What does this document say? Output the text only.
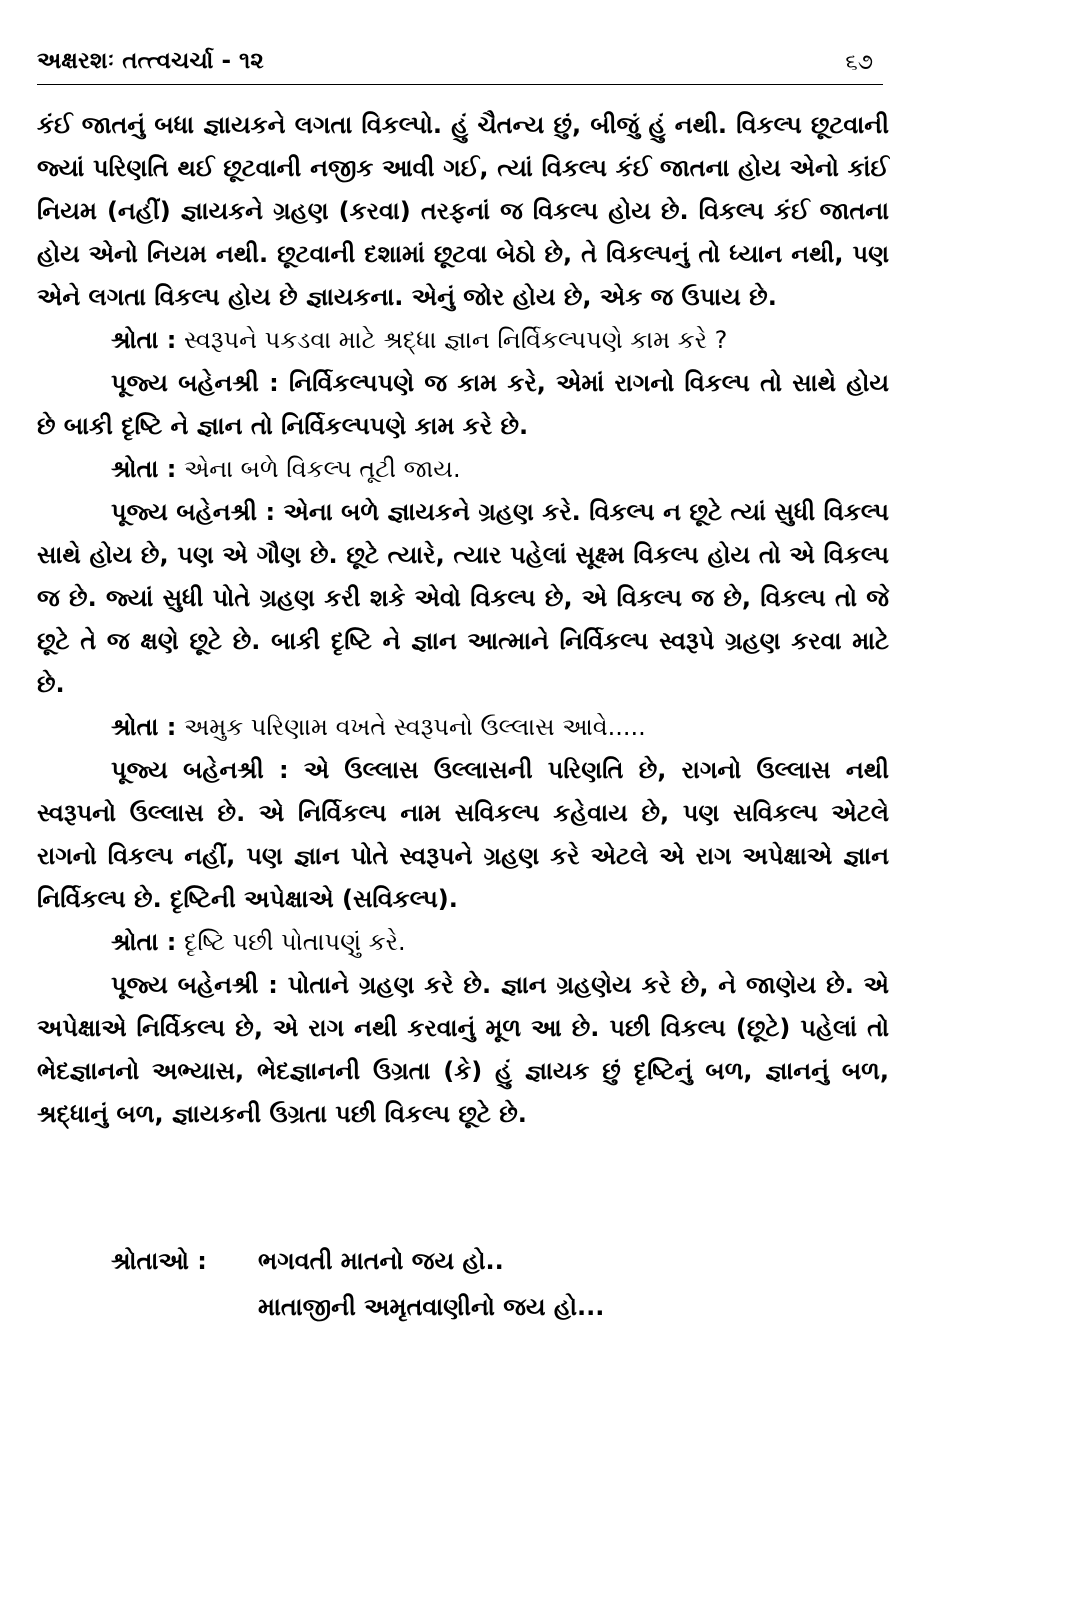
અક્ષરશઃ તત્ત્વચર્ચા - ૧૨	૬૭

કંઈ જાતનું બધા જ્ઞાયકને લગતા વિકલ્પો. હું ચૈતન્ય છું, બીજું હું નથી. વિકલ્પ છૂટવાની જ્યાં પરિણતિ થઈ છૂટવાની નજીક આવી ગઈ, ત્યાં વિકલ્પ કંઈ જાતના હોય એનો કાંઈ નિયમ (નહીં) જ્ઞાયકને ગ્રહણ (કરવા) તરફનાં જ વિકલ્પ હોય છે. વિકલ્પ કંઈ જાતના હોય એનો નિયમ નથી. છૂટવાની દશામાં છૂટવા બેઠો છે, તે વિકલ્પનું તો ધ્યાન નથી, પણ એને લગતા વિકલ્પ હોય છે જ્ઞાયકના. એનું જોર હોય છે, એક જ ઉપાય છે.

શ્રોતા : સ્વરૂપને પકડવા માટે શ્રદ્ધા જ્ઞાન નિર્વિકલ્પપણે કામ કરે ?

પૂજ્ય બહેનશ્રી : નિર્વિકલ્પપણે જ કામ કરે, એમાં રાગનો વિકલ્પ તો સાથે હોય છે બાકી દૃષ્ટિ ને જ્ઞાન તો નિર્વિકલ્પપણે કામ કરે છે.

શ્રોતા : એના બળે વિકલ્પ તૂટી જાય.

પૂજ્ય બહેનશ્રી : એના બળે જ્ઞાયકને ગ્રહણ કરે. વિકલ્પ ન છૂટે ત્યાં સુધી વિકલ્પ સાથે હોય છે, પણ એ ગૌણ છે. છૂટે ત્યારે, ત્યાર પહેલાં સૂક્ષ્મ વિકલ્પ હોય તો એ વિકલ્પ જ છે. જ્યાં સુધી પોતે ગ્રહણ કરી શકે એવો વિકલ્પ છે, એ વિકલ્પ જ છે, વિકલ્પ તો જે છૂટે તે જ ક્ષણે છૂટે છે. બાકી દૃષ્ટિ ને જ્ઞાન આત્માને નિર્વિકલ્પ સ્વરૂપે ગ્રહણ કરવા માટે છે.

શ્રોતા : અમુક પરિણામ વખતે સ્વરૂપનો ઉલ્લાસ આવે.....

પૂજ્ય બહેનશ્રી : એ ઉલ્લાસ ઉલ્લાસની પરિણતિ છે, રાગનો ઉલ્લાસ નથી સ્વરૂપનો ઉલ્લાસ છે. એ નિર્વિકલ્પ નામ સવિકલ્પ કહેવાય છે, પણ સવિકલ્પ એટલે રાગનો વિકલ્પ નહીં, પણ જ્ઞાન પોતે સ્વરૂપને ગ્રહણ કરે એટલે એ રાગ અપેક્ષાએ જ્ઞાન નિર્વિકલ્પ છે. દૃષ્ટિની અપેક્ષાએ (સવિકલ્પ).

શ્રોતા : દૃષ્ટિ પછી પોતાપણું કરે.

પૂજ્ય બહેનશ્રી : પોતાને ગ્રહણ કરે છે. જ્ઞાન ગ્રહણેય કરે છે, ને જાણેય છે. એ અપેક્ષાએ નિર્વિકલ્પ છે, એ રાગ નથી કરવાનું મૂળ આ છે. પછી વિકલ્પ (છૂટે) પહેલાં તો ભેદજ્ઞાનનો અભ્યાસ, ભેદજ્ઞાનની ઉગ્રતા (કે) હું જ્ઞાયક છું દૃષ્ટિનું બળ, જ્ઞાનનું બળ, શ્રદ્ધાનું બળ, જ્ઞાયકની ઉગ્રતા પછી વિકલ્પ છૂટે છે.

શ્રોતાઓ :	ભગવતી માતનો જય હો..
માતાજીની અમૃતવાણીનો જય હો...
